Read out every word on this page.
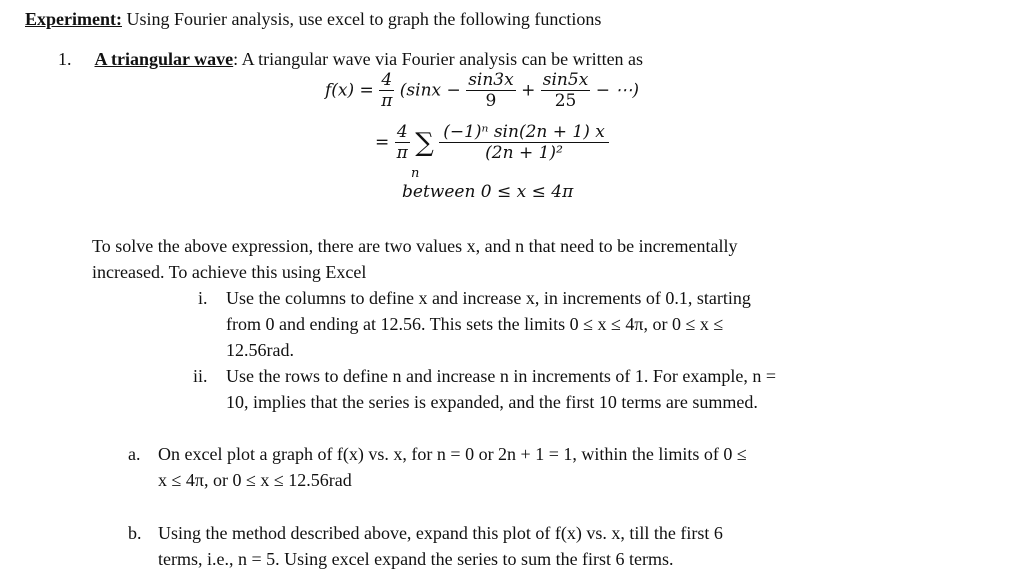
Experiment: Using Fourier analysis, use excel to graph the following functions
1. A triangular wave: A triangular wave via Fourier analysis can be written as
$f(x) = \frac{4}{\pi} (\sin x - \frac{\sin 3x}{9} + \frac{\sin 5x}{25}$ − ⋯)
= $\frac{4}{\pi}$
∑
$\frac{\text{(−1)ⁿ sin(2n + 1) x}}{\text{(2n + 1)²}}$
n
between 0 ≤ x ≤ 4π
To solve the above expression, there are two values x, and n that need to be incrementally
increased. To achieve this using Excel
i. Use the columns to define x and increase x, in increments of 0.1, starting
from 0 and ending at 12.56. This sets the limits 0 ≤ x ≤ 4π, or 0 ≤ x ≤
12.56rad.
ii. Use the rows to define n and increase n in increments of 1. For example, n =
10, implies that the series is expanded, and the first 10 terms are summed.
a. On excel plot a graph of f(x) vs. x, for n = 0 or 2n + 1 = 1, within the limits of 0 ≤
x ≤ 4π, or 0 ≤ x ≤ 12.56rad
b. Using the method described above, expand this plot of f(x) vs. x, till the first 6
terms, i.e., n = 5. Using excel expand the series to sum the first 6 terms.
